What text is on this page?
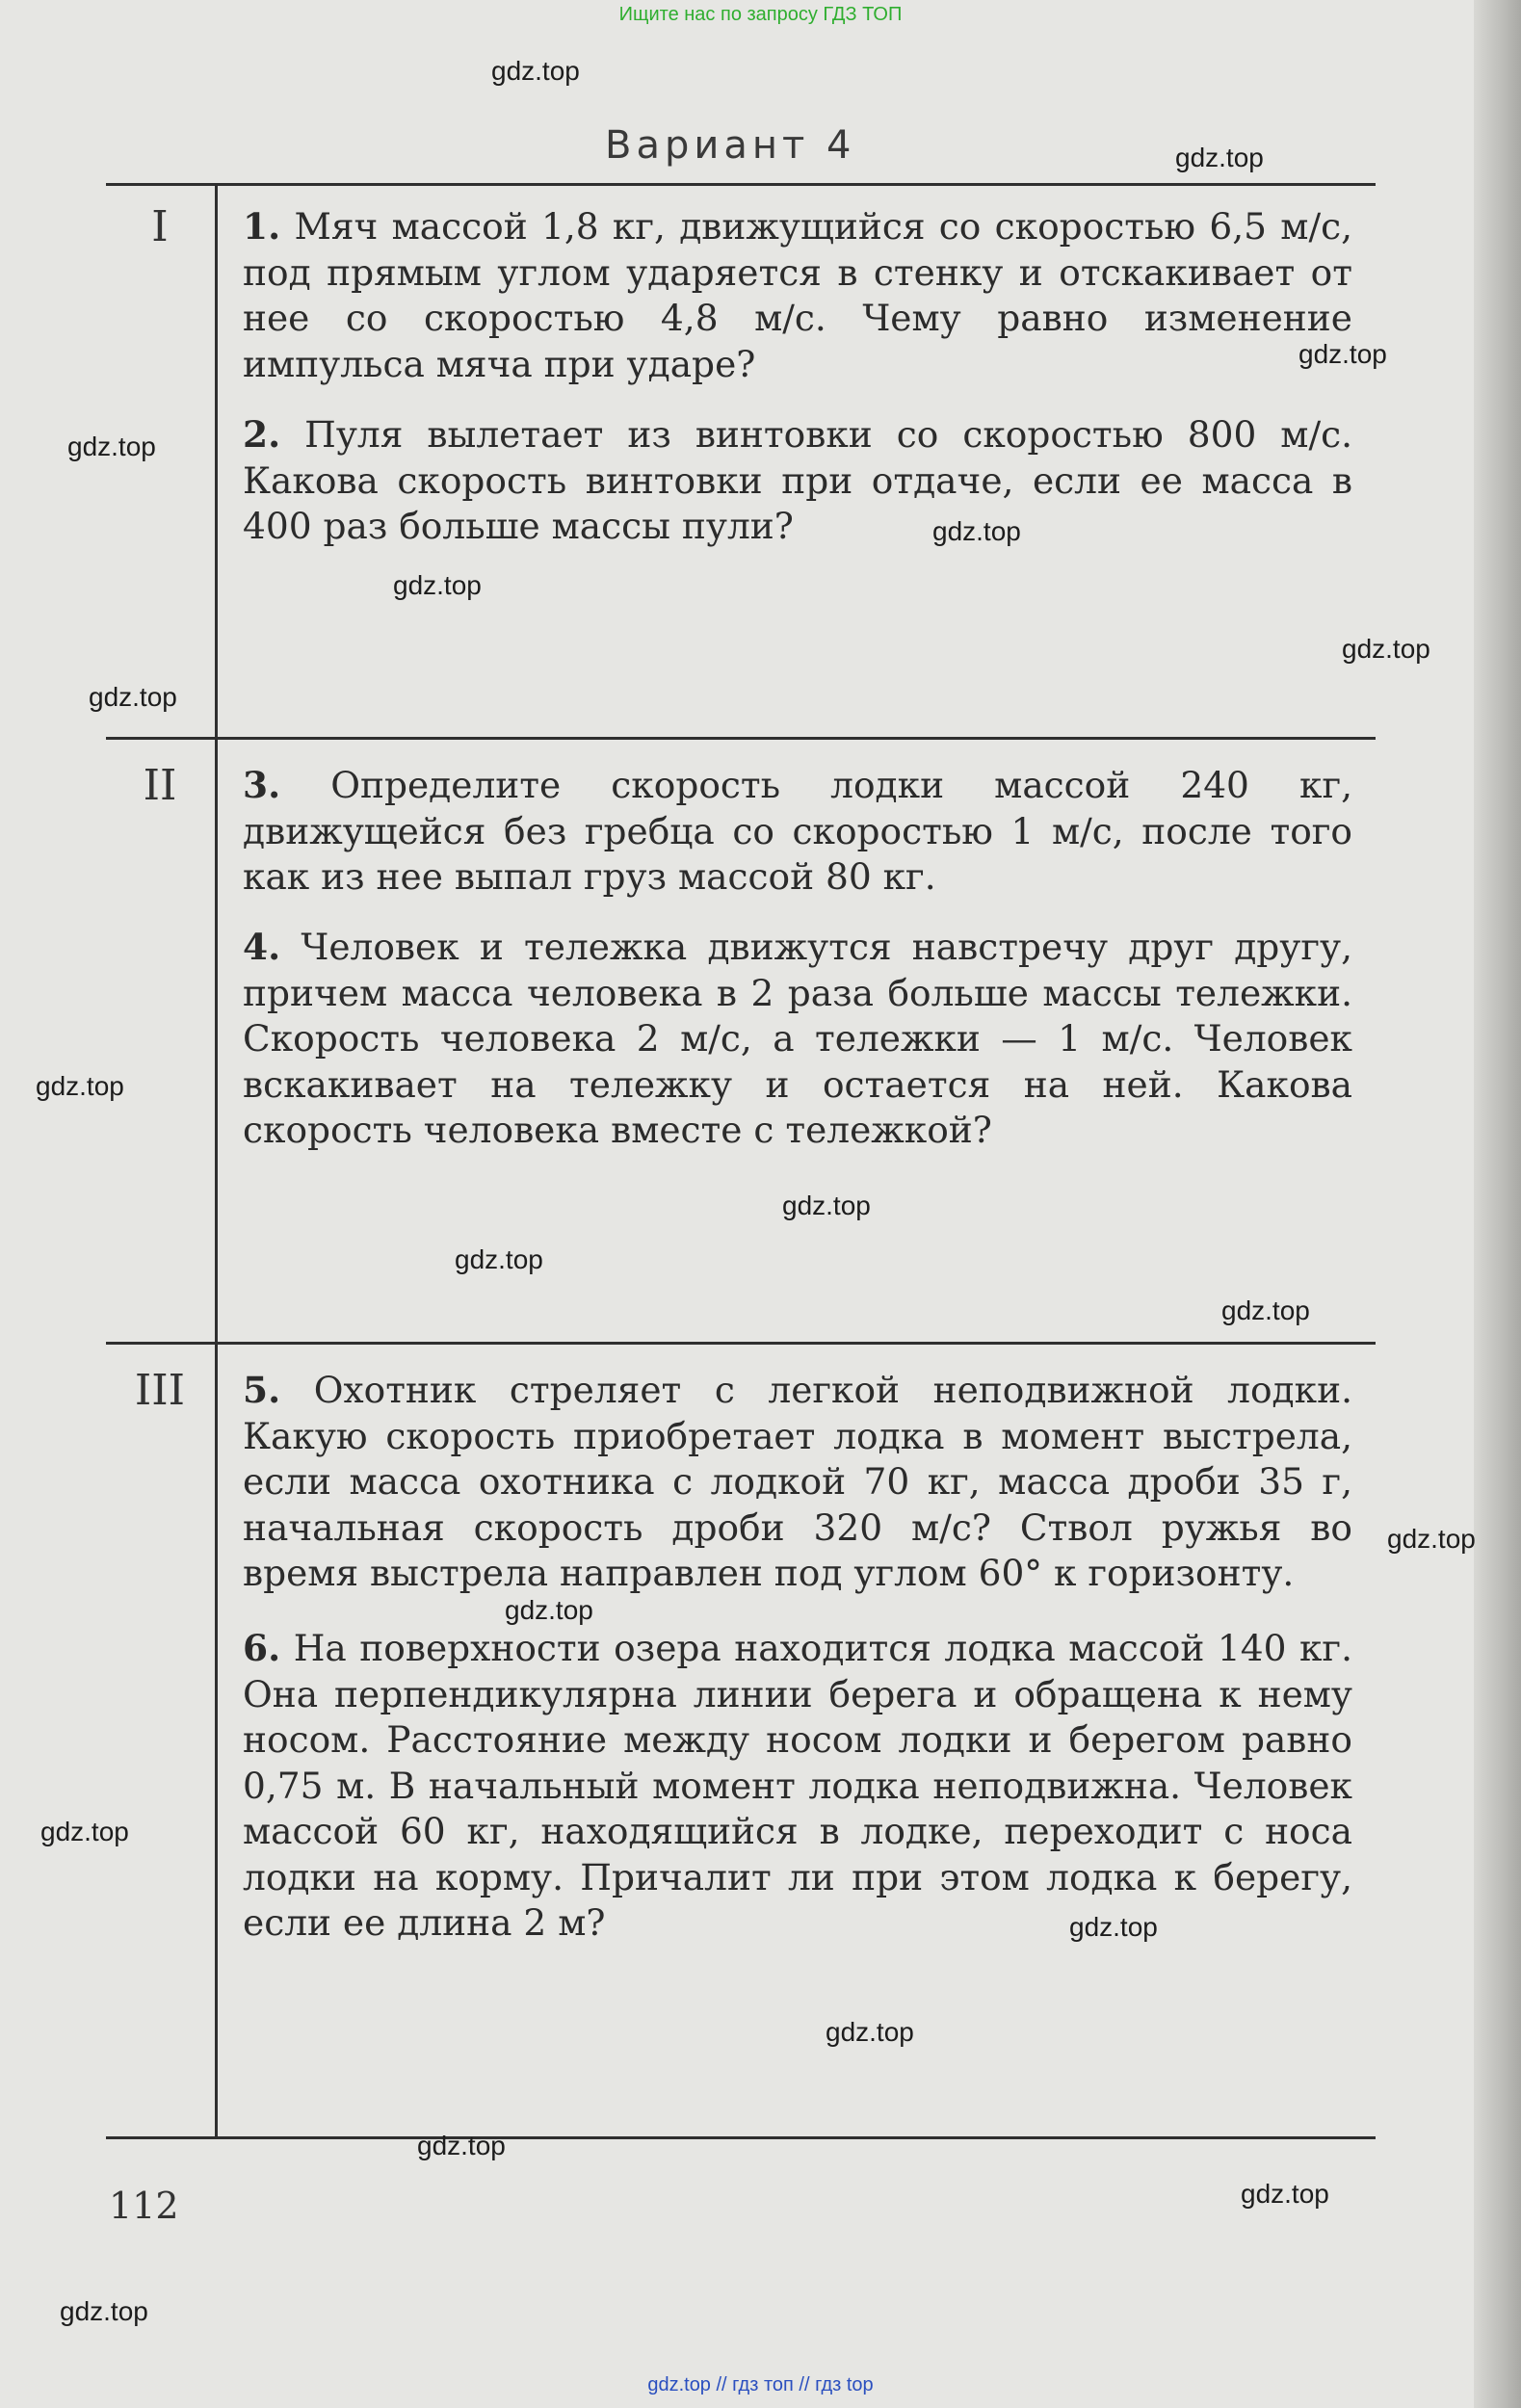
Ищите нас по запросу ГДЗ ТОП
Вариант 4
I	1. Мяч массой 1,8 кг, движущийся со скоростью 6,5 м/с, под прямым углом ударяется в стенку и отскакивает от нее со скоростью 4,8 м/с. Чему равно изменение импульса мяча при ударе?
2. Пуля вылетает из винтовки со скоростью 800 м/с. Какова скорость винтовки при отдаче, если ее масса в 400 раз больше массы пули?
II	3. Определите скорость лодки массой 240 кг, движущейся без гребца со скоростью 1 м/с, после того как из нее выпал груз массой 80 кг.
4. Человек и тележка движутся навстречу друг другу, причем масса человека в 2 раза больше массы тележки. Скорость человека 2 м/с, а тележки — 1 м/с. Человек вскакивает на тележку и остается на ней. Какова скорость человека вместе с тележкой?
III	5. Охотник стреляет с легкой неподвижной лодки. Какую скорость приобретает лодка в момент выстрела, если масса охотника с лодкой 70 кг, масса дроби 35 г, начальная скорость дроби 320 м/с? Ствол ружья во время выстрела направлен под углом 60° к горизонту.
6. На поверхности озера находится лодка массой 140 кг. Она перпендикулярна линии берега и обращена к нему носом. Расстояние между носом лодки и берегом равно 0,75 м. В начальный момент лодка неподвижна. Человек массой 60 кг, находящийся в лодке, переходит с носа лодки на корму. Причалит ли при этом лодка к берегу, если ее длина 2 м?
112
gdz.top
gdz.top
gdz.top
gdz.top
gdz.top
gdz.top
gdz.top
gdz.top
gdz.top
gdz.top
gdz.top
gdz.top
gdz.top
gdz.top
gdz.top
gdz.top
gdz.top
gdz.top
gdz.top
gdz.top
gdz.top // гдз топ // гдз top
